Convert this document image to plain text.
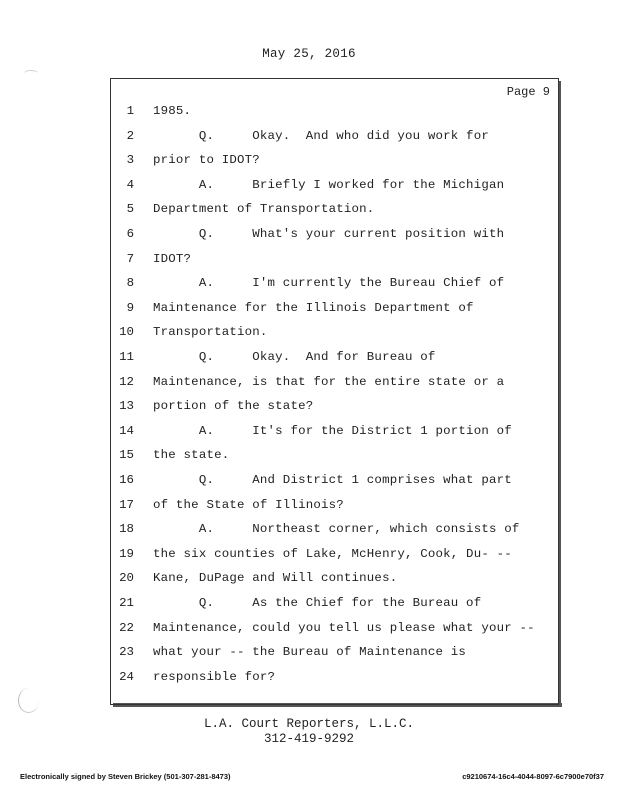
May 25, 2016
Page 9
1 1985.
2 Q.     Okay.  And who did you work for
3 prior to IDOT?
4 A.     Briefly I worked for the Michigan
5 Department of Transportation.
6 Q.     What's your current position with
7 IDOT?
8 A.     I'm currently the Bureau Chief of
9 Maintenance for the Illinois Department of
10 Transportation.
11 Q.     Okay.  And for Bureau of
12 Maintenance, is that for the entire state or a
13 portion of the state?
14 A.     It's for the District 1 portion of
15 the state.
16 Q.     And District 1 comprises what part
17 of the State of Illinois?
18 A.     Northeast corner, which consists of
19 the six counties of Lake, McHenry, Cook, Du- --
20 Kane, DuPage and Will continues.
21 Q.     As the Chief for the Bureau of
22 Maintenance, could you tell us please what your --
23 what your -- the Bureau of Maintenance is
24 responsible for?
L.A. Court Reporters, L.L.C.
312-419-9292
Electronically signed by Steven Brickey (501-307-281-8473)	c9210674-16c4-4044-8097-6c7900e70f37
